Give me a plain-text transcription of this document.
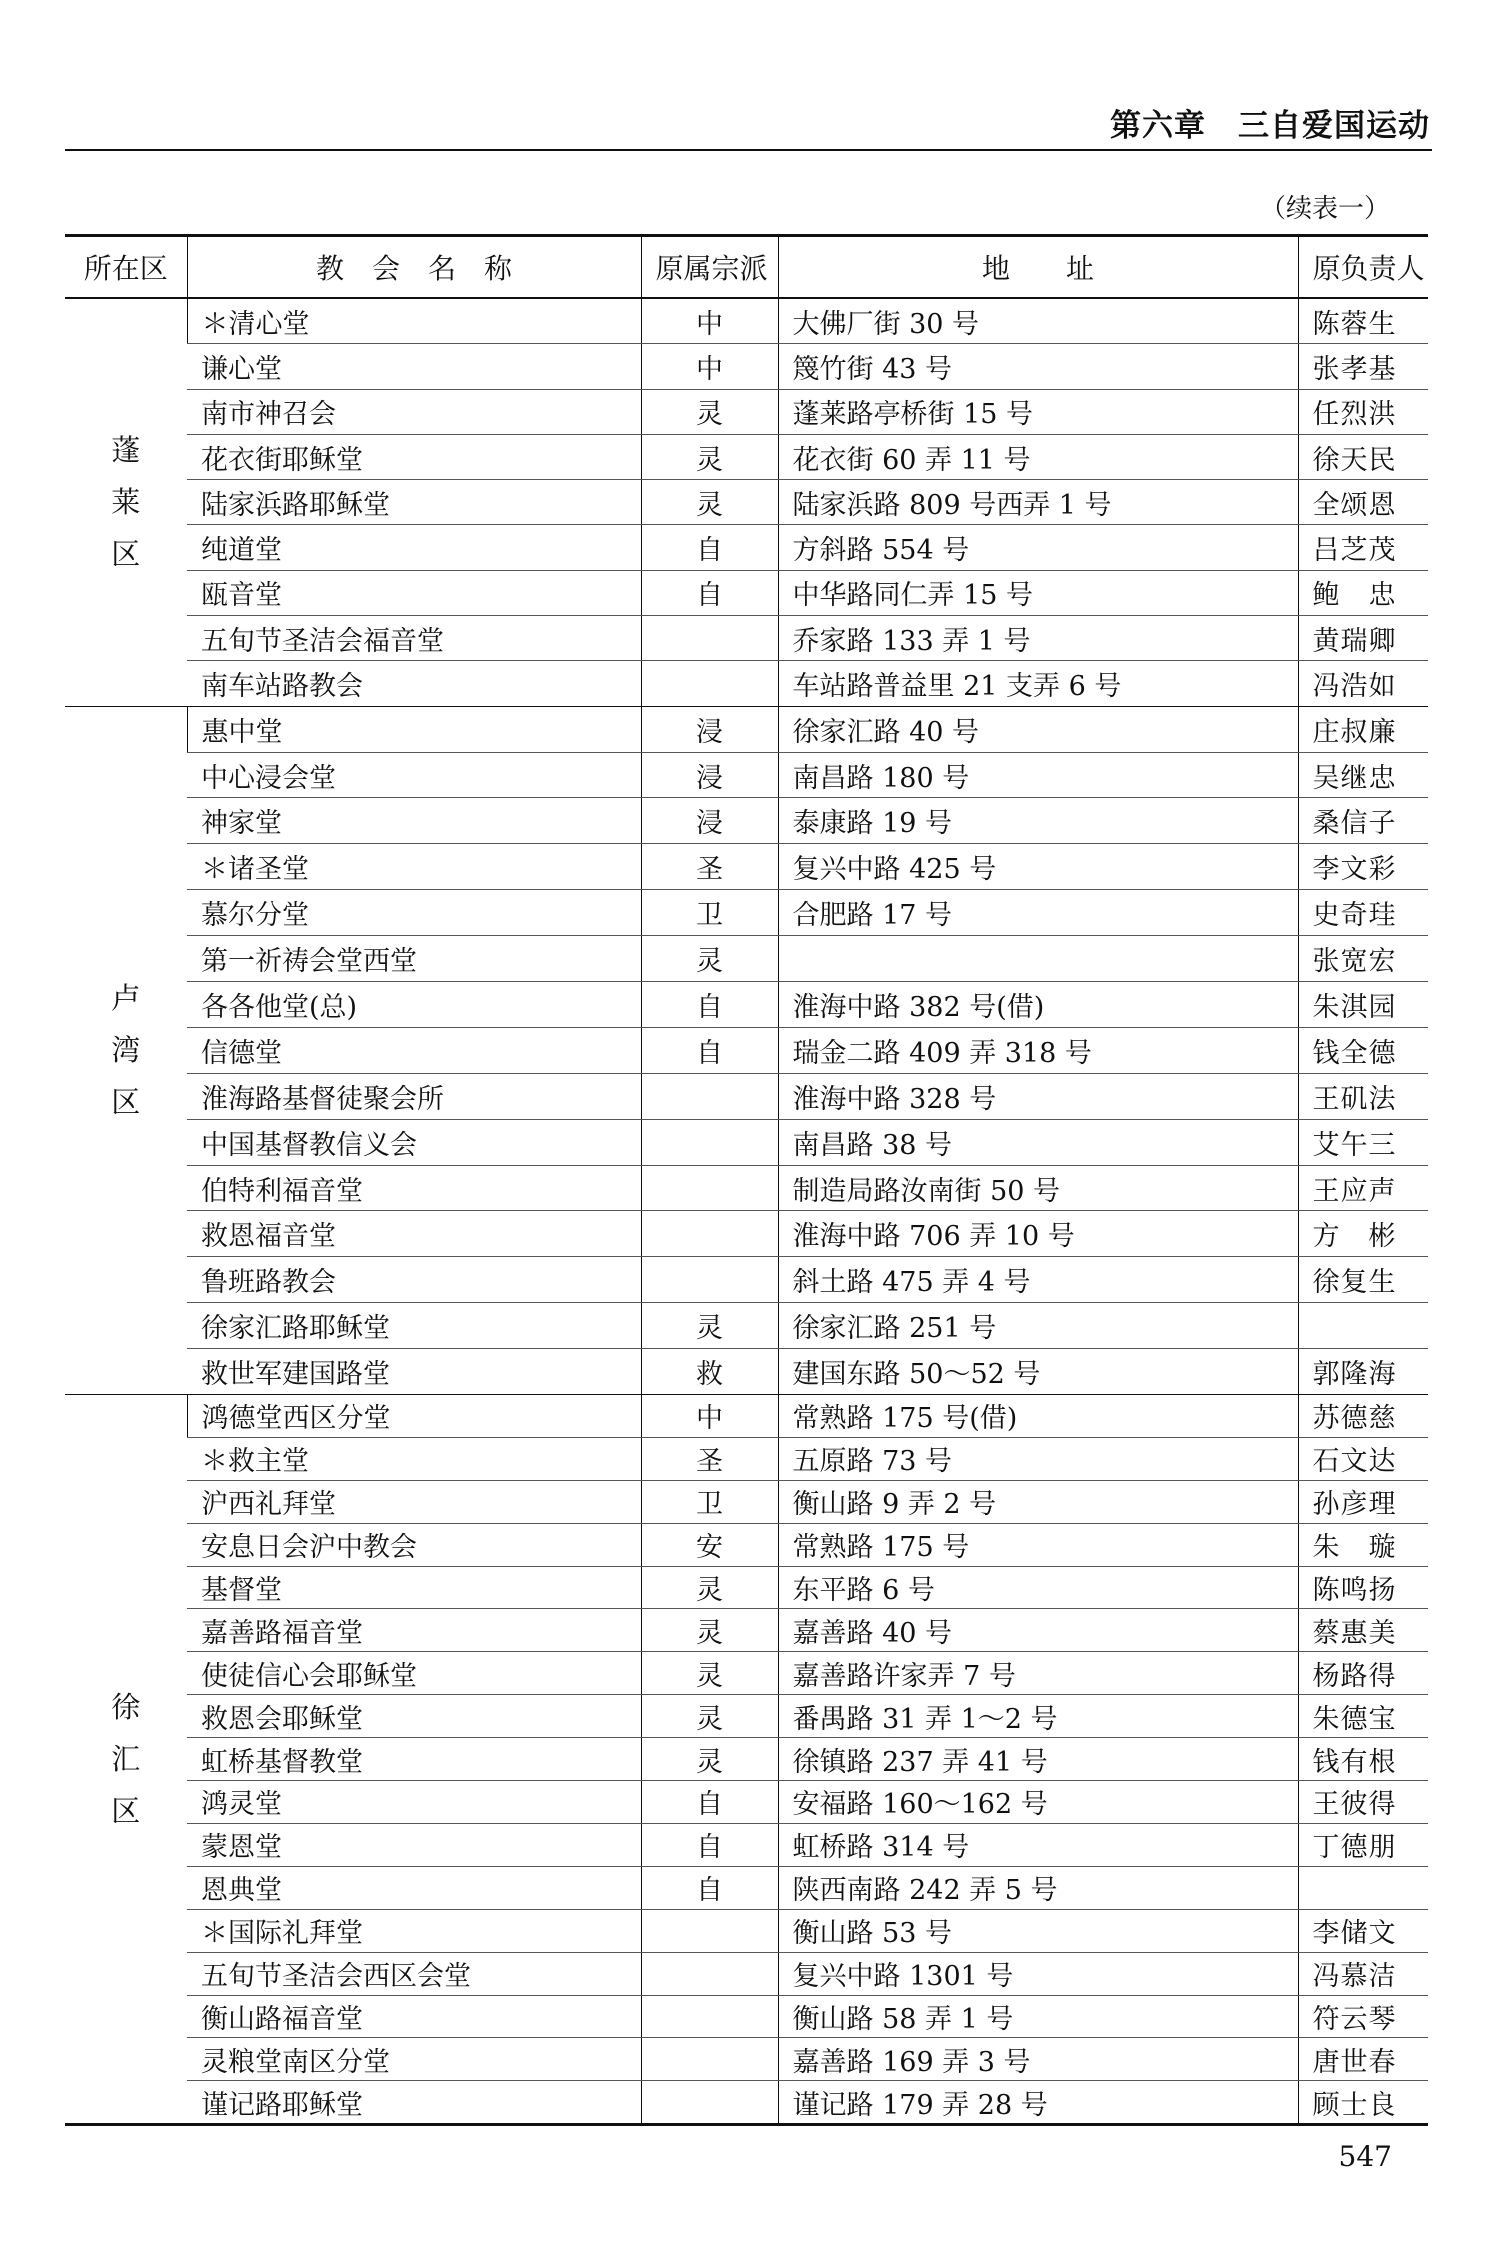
第六章　三自爱国运动
（续表一）
所在区	教　会　名　称	原属宗派	地　　址	原负责人
蓬
莱
区	＊清心堂	中	大佛厂街 30 号	陈蓉生
	谦心堂	中	篾竹街 43 号	张孝基
	南市神召会	灵	蓬莱路亭桥街 15 号	任烈洪
	花衣街耶稣堂	灵	花衣街 60 弄 11 号	徐天民
	陆家浜路耶稣堂	灵	陆家浜路 809 号西弄 1 号	全颂恩
	纯道堂	自	方斜路 554 号	吕芝茂
	瓯音堂	自	中华路同仁弄 15 号	鲍　忠
	五旬节圣洁会福音堂		乔家路 133 弄 1 号	黄瑞卿
	南车站路教会		车站路普益里 21 支弄 6 号	冯浩如
卢
湾
区	惠中堂	浸	徐家汇路 40 号	庄叔廉
	中心浸会堂	浸	南昌路 180 号	吴继忠
	神家堂	浸	泰康路 19 号	桑信子
	＊诸圣堂	圣	复兴中路 425 号	李文彩
	慕尔分堂	卫	合肥路 17 号	史奇珪
	第一祈祷会堂西堂	灵		张宽宏
	各各他堂(总)	自	淮海中路 382 号(借)	朱淇园
	信德堂	自	瑞金二路 409 弄 318 号	钱全德
	淮海路基督徒聚会所		淮海中路 328 号	王矶法
	中国基督教信义会		南昌路 38 号	艾午三
	伯特利福音堂		制造局路汝南街 50 号	王应声
	救恩福音堂		淮海中路 706 弄 10 号	方　彬
	鲁班路教会		斜土路 475 弄 4 号	徐复生
	徐家汇路耶稣堂	灵	徐家汇路 251 号	
	救世军建国路堂	救	建国东路 50～52 号	郭隆海
徐
汇
区	鸿德堂西区分堂	中	常熟路 175 号(借)	苏德慈
	＊救主堂	圣	五原路 73 号	石文达
	沪西礼拜堂	卫	衡山路 9 弄 2 号	孙彦理
	安息日会沪中教会	安	常熟路 175 号	朱　璇
	基督堂	灵	东平路 6 号	陈鸣扬
	嘉善路福音堂	灵	嘉善路 40 号	蔡惠美
	使徒信心会耶稣堂	灵	嘉善路许家弄 7 号	杨路得
	救恩会耶稣堂	灵	番禺路 31 弄 1～2 号	朱德宝
	虹桥基督教堂	灵	徐镇路 237 弄 41 号	钱有根
	鸿灵堂	自	安福路 160～162 号	王彼得
	蒙恩堂	自	虹桥路 314 号	丁德朋
	恩典堂	自	陕西南路 242 弄 5 号	
	＊国际礼拜堂		衡山路 53 号	李储文
	五旬节圣洁会西区会堂		复兴中路 1301 号	冯慕洁
	衡山路福音堂		衡山路 58 弄 1 号	符云琴
	灵粮堂南区分堂		嘉善路 169 弄 3 号	唐世春
	谨记路耶稣堂		谨记路 179 弄 28 号	顾士良
547
